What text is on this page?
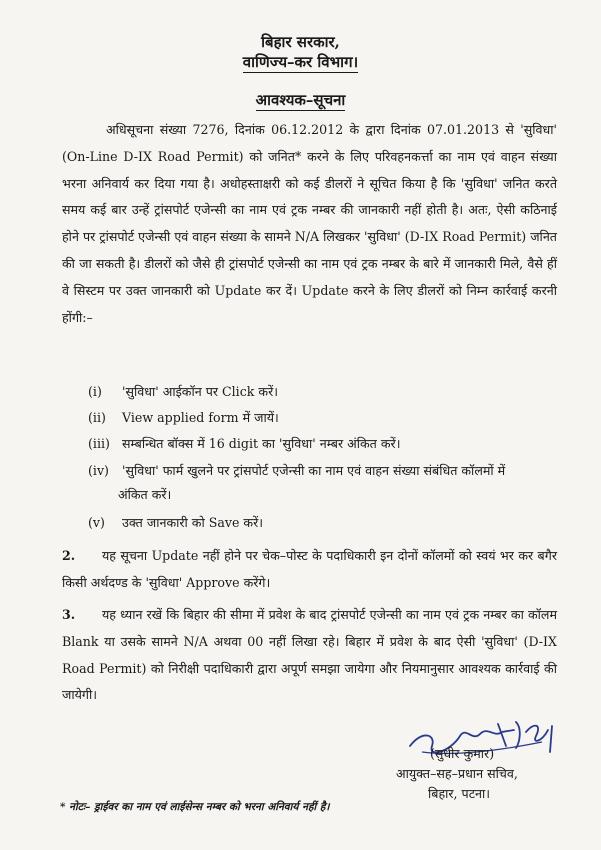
बिहार सरकार,
वाणिज्य–कर विभाग।
आवश्यक–सूचना
अधिसूचना संख्या 7276, दिनांक 06.12.2012 के द्वारा दिनांक 07.01.2013 से 'सुविधा' (On-Line D-IX Road Permit) को जनित* करने के लिए परिवहनकर्त्ता का नाम एवं वाहन संख्या भरना अनिवार्य कर दिया गया है। अधोहस्ताक्षरी को कई डीलरों ने सूचित किया है कि 'सुविधा' जनित करते समय कई बार उन्हें ट्रांसपोर्ट एजेन्सी का नाम एवं ट्रक नम्बर की जानकारी नहीं होती है। अतः, ऐसी कठिनाई होने पर ट्रांसपोर्ट एजेन्सी एवं वाहन संख्या के सामने N/A लिखकर 'सुविधा' (D-IX Road Permit) जनित की जा सकती है। डीलरों को जैसे ही ट्रांसपोर्ट एजेन्सी का नाम एवं ट्रक नम्बर के बारे में जानकारी मिले, वैसे हीं वे सिस्टम पर उक्त जानकारी को Update कर दें। Update करने के लिए डीलरों को निम्न कार्रवाई करनी होंगी:–
(i) 'सुविधा' आईकॉन पर Click करें।
(ii) View applied form में जायें।
(iii) सम्बन्धित बॉक्स में 16 digit का 'सुविधा' नम्बर अंकित करें।
(iv) 'सुविधा' फार्म खुलने पर ट्रांसपोर्ट एजेन्सी का नाम एवं वाहन संख्या संबंधित कॉलमों में
अंकित करें।
(v) उक्त जानकारी को Save करें।
2. यह सूचना Update नहीं होने पर चेक–पोस्ट के पदाधिकारी इन दोनों कॉलमों को स्वयं भर कर बगैर किसी अर्थदण्ड के 'सुविधा' Approve करेंगे।
3. यह ध्यान रखें कि बिहार की सीमा में प्रवेश के बाद ट्रांसपोर्ट एजेन्सी का नाम एवं ट्रक नम्बर का कॉलम Blank या उसके सामने N/A अथवा 00 नहीं लिखा रहे। बिहार में प्रवेश के बाद ऐसी 'सुविधा' (D-IX Road Permit) को निरीक्षी पदाधिकारी द्वारा अपूर्ण समझा जायेगा और नियमानुसार आवश्यक कार्रवाई की जायेगी।
(सुधीर कुमार)
आयुक्त–सह–प्रधान सचिव,
बिहार, पटना।
* नोटः– ड्राईवर का नाम एवं लाईसेन्स नम्बर को भरना अनिवार्य नहीं है।
